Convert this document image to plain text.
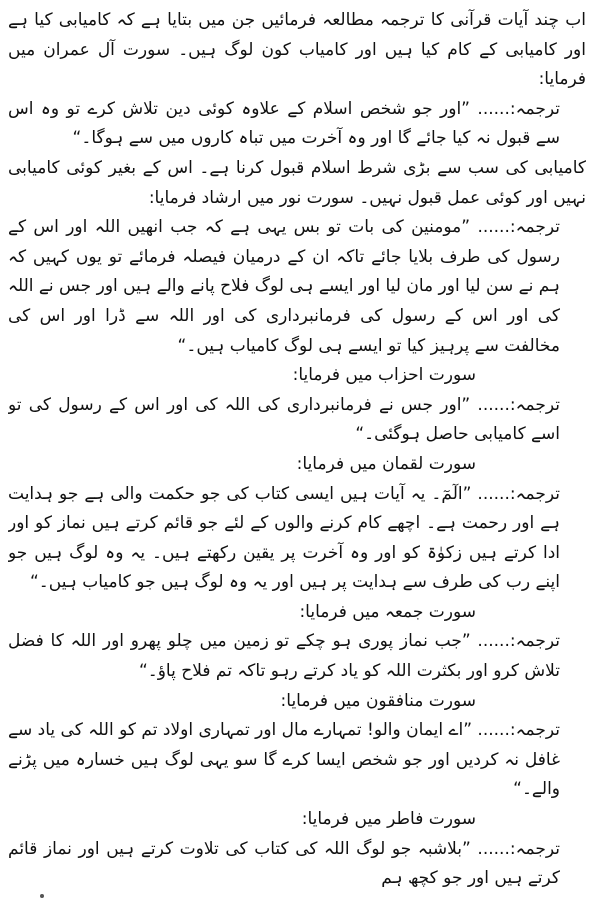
اب چند آیات قرآنی کا ترجمہ مطالعہ فرمائیں جن میں بتایا ہے کہ کامیابی کیا ہے اور کامیابی کے کام کیا ہیں اور کامیاب کون لوگ ہیں۔ سورت آل عمران میں فرمایا:

ترجمہ:...... ”اور جو شخص اسلام کے علاوہ کوئی دین تلاش کرے تو وہ اس سے قبول نہ کیا جائے گا اور وہ آخرت میں تباہ کاروں میں سے ہوگا۔“

کامیابی کی سب سے بڑی شرط اسلام قبول کرنا ہے۔ اس کے بغیر کوئی کامیابی نہیں اور کوئی عمل قبول نہیں۔ سورت نور میں ارشاد فرمایا:

ترجمہ:...... ”مومنین کی بات تو بس یہی ہے کہ جب انھیں اللہ اور اس کے رسول کی طرف بلایا جائے تاکہ ان کے درمیان فیصلہ فرمائے تو یوں کہیں کہ ہم نے سن لیا اور مان لیا اور ایسے ہی لوگ فلاح پانے والے ہیں اور جس نے اللہ کی اور اس کے رسول کی فرمانبرداری کی اور اللہ سے ڈرا اور اس کی مخالفت سے پرہیز کیا تو ایسے ہی لوگ کامیاب ہیں۔“

سورت احزاب میں فرمایا:

ترجمہ:...... ”اور جس نے فرمانبرداری کی اللہ کی اور اس کے رسول کی تو اسے کامیابی حاصل ہوگئی۔“

سورت لقمان میں فرمایا:

ترجمہ:...... ”الٓمٓ۔ یہ آیات ہیں ایسی کتاب کی جو حکمت والی ہے جو ہدایت ہے اور رحمت ہے۔ اچھے کام کرنے والوں کے لئے جو قائم کرتے ہیں نماز کو اور ادا کرتے ہیں زکوٰۃ کو اور وہ آخرت پر یقین رکھتے ہیں۔ یہ وہ لوگ ہیں جو اپنے رب کی طرف سے ہدایت پر ہیں اور یہ وہ لوگ ہیں جو کامیاب ہیں۔“

سورت جمعہ میں فرمایا:

ترجمہ:...... ”جب نماز پوری ہو چکے تو زمین میں چلو پھرو اور اللہ کا فضل تلاش کرو اور بکثرت اللہ کو یاد کرتے رہو تاکہ تم فلاح پاؤ۔“

سورت منافقون میں فرمایا:

ترجمہ:...... ”اے ایمان والو! تمہارے مال اور تمہاری اولاد تم کو اللہ کی یاد سے غافل نہ کردیں اور جو شخص ایسا کرے گا سو یہی لوگ ہیں خسارہ میں پڑنے والے۔“

سورت فاطر میں فرمایا:

ترجمہ:...... ”بلاشبہ جو لوگ اللہ کی کتاب کی تلاوت کرتے ہیں اور نماز قائم کرتے ہیں اور جو کچھ ہم
